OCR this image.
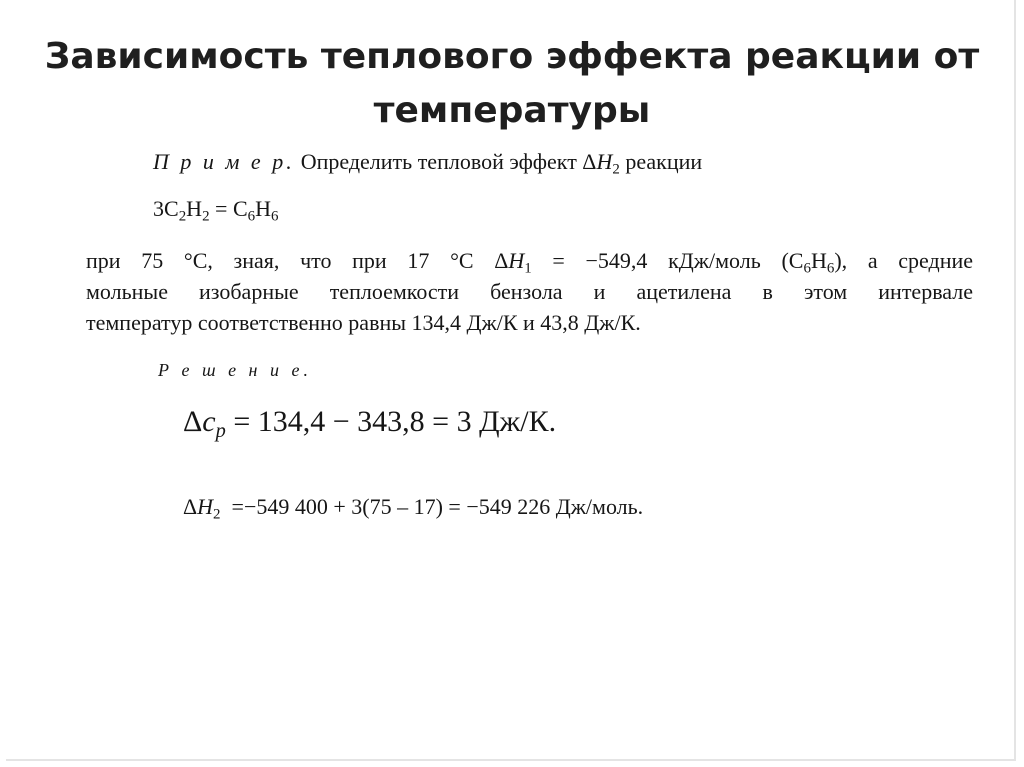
Зависимость теплового эффекта реакции от температуры
П р и м е р. Определить тепловой эффект $\Delta H_2$ реакции
$3C_2H_2 = C_6H_6$

при 75 °С, зная, что при 17 °С $\Delta H_1 = -549,4$ кДж/моль $(С_6Н_6)$, а средние

мольные изобарные теплоемкости бензола и ацетилена в этом интервале

температур соответственно равны 134,4 Дж/К и 43,8 Дж/К.

Р е ш е н и е.
$\Delta c_p = 134,4 - 343,8 = 3$ Дж/К.
$\Delta H_2 =-549$ 400 + 3(75 – 17) = −549 226 Дж/моль.
